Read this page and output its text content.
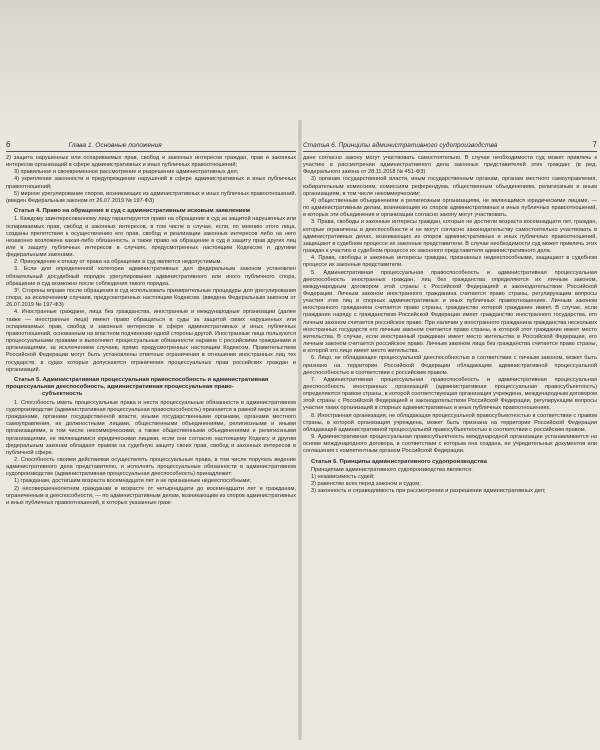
6	Глава 1. Основные положения

2) защита нарушенных или оспариваемых прав, свобод и законных интересов граждан, прав и законных интересов организаций в сфере административных и иных публичных правоотношений;

3) правильное и своевременное рассмотрение и разрешение административных дел;

4) укрепление законности и предупреждение нарушений в сфере административных и иных публичных правоотношений;

5) мирное урегулирование споров, возникающих из административных и иных публичных правоотношений. (введен Федеральным законом от 26.07.2019 № 197-ФЗ)

Статья 4. Право на обращение в суд с административным исковым заявлением

1. Каждому заинтересованному лицу гарантируется право на обращение в суд за защитой нарушенных или оспариваемых прав, свобод и законных интересов, в том числе в случае, если, по мнению этого лица, созданы препятствия к осуществлению его прав, свобод и реализации законных интересов либо на него незаконно возложена какая-либо обязанность, а также право на обращение в суд в защиту прав других лиц или в защиту публичных интересов в случаях, предусмотренных настоящим Кодексом и другими федеральными законами.

2. Принуждение к отказу от права на обращение в суд является недопустимым.

3. Если для определенной категории административных дел федеральным законом установлен обязательный досудебный порядок урегулирования административного или иного публичного спора, обращение в суд возможно после соблюдения такого порядка.

3¹. Стороны вправе после обращения в суд использовать примирительные процедуры для урегулирования спора, за исключением случаев, предусмотренных настоящим Кодексом. (введена Федеральным законом от 26.07.2019 № 197-ФЗ)

4. Иностранные граждане, лица без гражданства, иностранные и международные организации (далее также — иностранные лица) имеют право обращаться в суды за защитой своих нарушенных или оспариваемых прав, свобод и законных интересов в сфере административных и иных публичных правоотношений, основанным на властном подчинении одной стороны другой. Иностранные лица пользуются процессуальными правами и выполняют процессуальные обязанности наравне с российскими гражданами и организациями, за исключением случаев, прямо предусмотренных настоящим Кодексом. Правительством Российской Федерации могут быть установлены ответные ограничения в отношении иностранных лиц тех государств, в судах которых допускаются ограничения процессуальных прав российских граждан и организаций.

Статья 5. Административная процессуальная правоспособность и административная процессуальная дееспособность, административная процессуальная право-
субъектность

1. Способность иметь процессуальные права и нести процессуальные обязанности в административном судопроизводстве (административная процессуальная правоспособность) признается в равной мере за всеми гражданами, органами государственной власти, иными государственными органами, органами местного самоуправления, их должностными лицами, общественными объединениями, религиозными и иными организациями, в том числе некоммерческими, а также общественными объединениями и религиозными организациями, не являющимися юридическими лицами, если они согласно настоящему Кодексу и другим федеральным законам обладают правом на судебную защиту своих прав, свобод и законных интересов в публичной сфере.

2. Способность своими действиями осуществлять процессуальные права, в том числе поручать ведение административного дела представителю, и исполнять процессуальные обязанности в административном судопроизводстве (административная процессуальная дееспособность) принадлежит:

1) гражданам, достигшим возраста восемнадцати лет и не признанным недееспособными;

2) несовершеннолетним гражданам в возрасте от четырнадцати до восемнадцати лет и гражданам, ограниченным в дееспособности, — по административным делам, возникающим из споров административных и иных публичных правоотношений, в которых указанные граж-

Статья 6. Принципы административного судопроизводства	7

дане согласно закону могут участвовать самостоятельно. В случае необходимости суд может привлечь к участию в рассмотрении административного дела законных представителей этих граждан; (в ред. Федерального закона от 28.11.2018 № 451-ФЗ)

3) органам государственной власти, иным государственным органам, органам местного самоуправления, избирательным комиссиям, комиссиям референдума, общественным объединениям, религиозным и иным организациям, в том числе некоммерческим;

4) общественным объединениям и религиозным организациям, не являющимся юридическими лицами, — по административным делам, возникающим из споров административных и иных публичных правоотношений, в которых эти объединения и организации согласно закону могут участвовать.

3. Права, свободы и законные интересы граждан, которые не достигли возраста восемнадцати лет, граждан, которые ограничены в дееспособности и не могут согласно законодательству самостоятельно участвовать в административных делах, возникающих из споров административных и иных публичных правоотношений, защищают в судебном процессе их законные представители. В случае необходимости суд может привлечь этих граждан к участию в судебном процессе их законного представителя административного дела.

4. Права, свободы и законные интересы граждан, признанных недееспособными, защищают в судебном процессе их законные представители.

5. Административная процессуальная правоспособность и административная процессуальная дееспособность иностранных граждан, лиц без гражданства определяются их личным законом, международным договором этой страны с Российской Федерацией и законодательством Российской Федерации. Личным законом иностранного гражданина считается право страны, регулирующим вопросы участия этих лиц в спорных административных и иных публичных правоотношениях. Личным законом иностранного гражданина считается право страны, гражданство которой гражданин имеет. В случае, если гражданин наряду с гражданством Российской Федерации имеет гражданство иностранного государства, его личным законом считается российское право. При наличии у иностранного гражданина гражданства нескольких иностранных государств его личным законом считается право страны, в которой этот гражданин имеет место жительства. В случае, если иностранный гражданин имеет место жительства в Российской Федерации, его личным законом считается российское право. Личным законом лица без гражданства считается право страны, в которой это лицо имеет место жительства.

6. Лицо, не обладающее процессуальной дееспособностью в соответствии с личным законом, может быть признано на территории Российской Федерации обладающим административной процессуальной дееспособностью в соответствии с российским правом.

7. Административная процессуальная правоспособность и административная процессуальная дееспособность иностранных организаций (административная процессуальная правосубъектность) определяются правом страны, в которой соответствующая организация учреждена, международным договором этой страны с Российской Федерацией и законодательством Российской Федерации, регулирующим вопросы участия таких организаций в спорных административных и иных публичных правоотношениях.

8. Иностранная организация, не обладающая процессуальной правосубъектностью в соответствии с правом страны, в которой организация учреждена, может быть признана на территории Российской Федерации обладающей административной процессуальной правосубъектностью в соответствии с российским правом.

9. Административная процессуальная правосубъектность международной организации устанавливается на основе международного договора, в соответствии с которым она создана, ее учредительных документов или соглашения с компетентным органом Российской Федерации.

Статья 6. Принципы административного судопроизводства

Принципами административного судопроизводства являются:

1) независимость судей;

2) равенство всех перед законом и судом;

3) законность и справедливость при рассмотрении и разрешении административных дел;
